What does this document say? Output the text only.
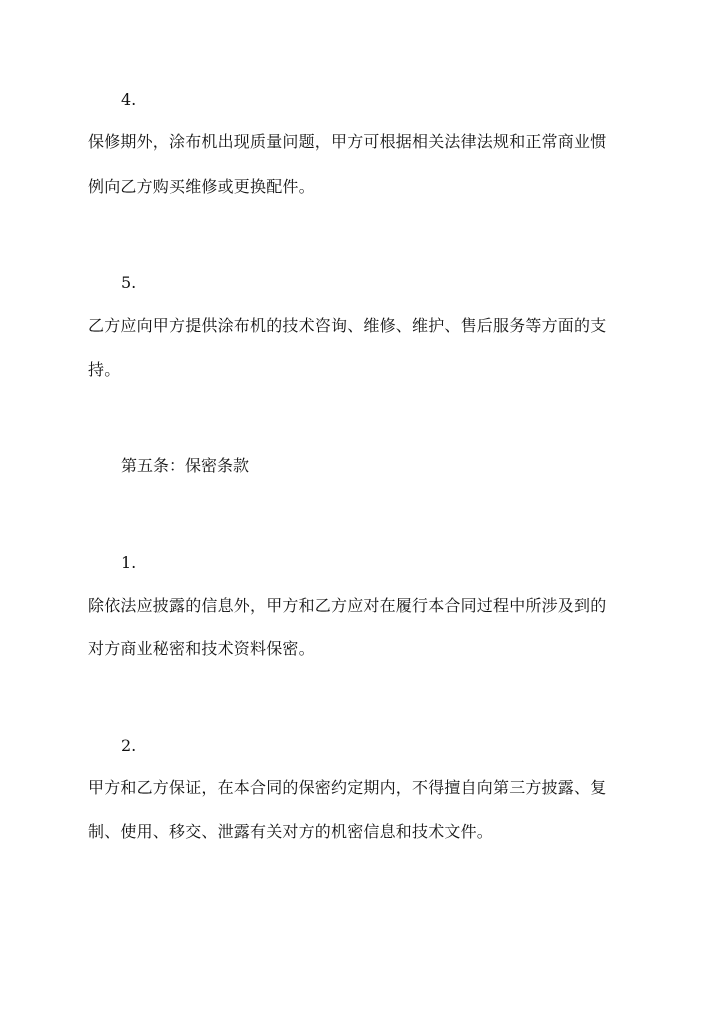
4.
保修期外，涂布机出现质量问题，甲方可根据相关法律法规和正常商业惯
例向乙方购买维修或更换配件。
5.
乙方应向甲方提供涂布机的技术咨询、维修、维护、售后服务等方面的支
持。
第五条：保密条款
1.
除依法应披露的信息外，甲方和乙方应对在履行本合同过程中所涉及到的
对方商业秘密和技术资料保密。
2.
甲方和乙方保证，在本合同的保密约定期内，不得擅自向第三方披露、复
制、使用、移交、泄露有关对方的机密信息和技术文件。
